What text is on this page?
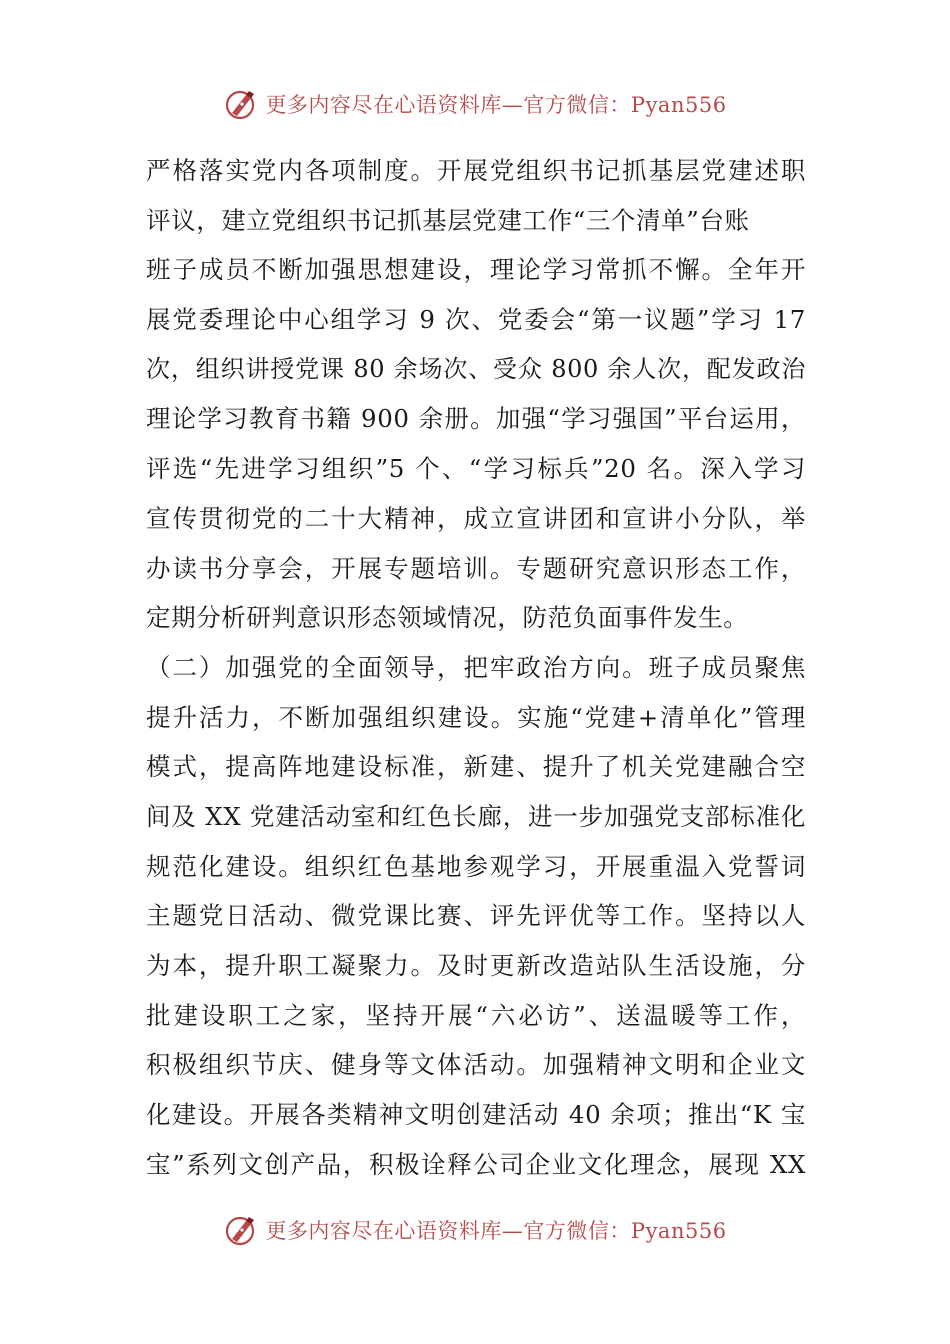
更多内容尽在心语资料库—官方微信：Pyan556
严格落实党内各项制度。开展党组织书记抓基层党建述职
评议，建立党组织书记抓基层党建工作“三个清单”台账
班子成员不断加强思想建设，理论学习常抓不懈。全年开
展党委理论中心组学习 9 次、党委会“第一议题”学习 17
次，组织讲授党课 80 余场次、受众 800 余人次，配发政治
理论学习教育书籍 900 余册。加强“学习强国”平台运用，
评选“先进学习组织”5 个、“学习标兵”20 名。深入学习
宣传贯彻党的二十大精神，成立宣讲团和宣讲小分队，举
办读书分享会，开展专题培训。专题研究意识形态工作，
定期分析研判意识形态领域情况，防范负面事件发生。
（二）加强党的全面领导，把牢政治方向。班子成员聚焦
提升活力，不断加强组织建设。实施“党建+清单化”管理
模式，提高阵地建设标准，新建、提升了机关党建融合空
间及 XX 党建活动室和红色长廊，进一步加强党支部标准化
规范化建设。组织红色基地参观学习，开展重温入党誓词
主题党日活动、微党课比赛、评先评优等工作。坚持以人
为本，提升职工凝聚力。及时更新改造站队生活设施，分
批建设职工之家，坚持开展“六必访”、送温暖等工作，
积极组织节庆、健身等文体活动。加强精神文明和企业文
化建设。开展各类精神文明创建活动 40 余项；推出“K 宝
宝”系列文创产品，积极诠释公司企业文化理念，展现 XX
更多内容尽在心语资料库—官方微信：Pyan556
